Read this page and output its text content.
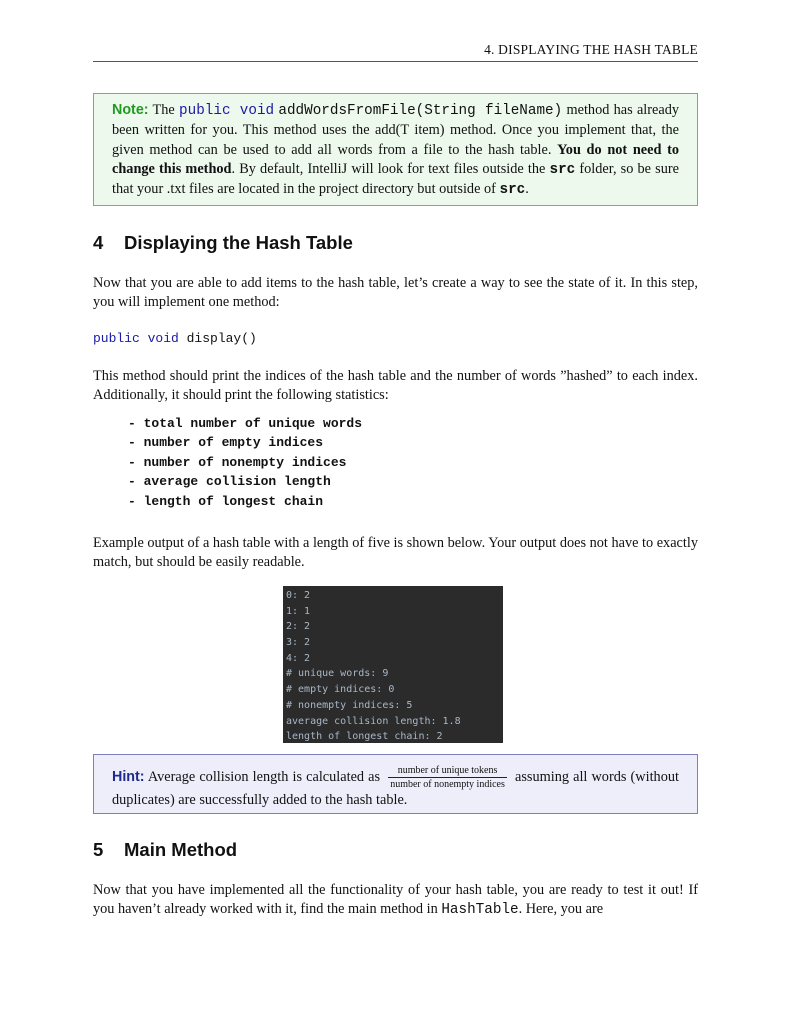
4. DISPLAYING THE HASH TABLE
Note: The public void addWordsFromFile(String fileName) method has already been written for you. This method uses the add(T item) method. Once you implement that, the given method can be used to add all words from a file to the hash table. You do not need to change this method. By default, IntelliJ will look for text files outside the src folder, so be sure that your .txt files are located in the project directory but outside of src.
4 Displaying the Hash Table
Now that you are able to add items to the hash table, let’s create a way to see the state of it. In this step, you will implement one method:
public void display()
This method should print the indices of the hash table and the number of words ”hashed” to each index. Additionally, it should print the following statistics:
- total number of unique words
- number of empty indices
- number of nonempty indices
- average collision length
- length of longest chain
Example output of a hash table with a length of five is shown below. Your output does not have to exactly match, but should be easily readable.
0: 2
1: 1
2: 2
3: 2
4: 2
# unique words: 9
# empty indices: 0
# nonempty indices: 5
average collision length: 1.8
length of longest chain: 2
Hint: Average collision length is calculated as $\frac{\text{number of unique tokens}}{\text{number of nonempty indices}}$ assuming all words (without duplicates) are successfully added to the hash table.
5 Main Method
Now that you have implemented all the functionality of your hash table, you are ready to test it out! If you haven’t already worked with it, find the main method in HashTable. Here, you are
